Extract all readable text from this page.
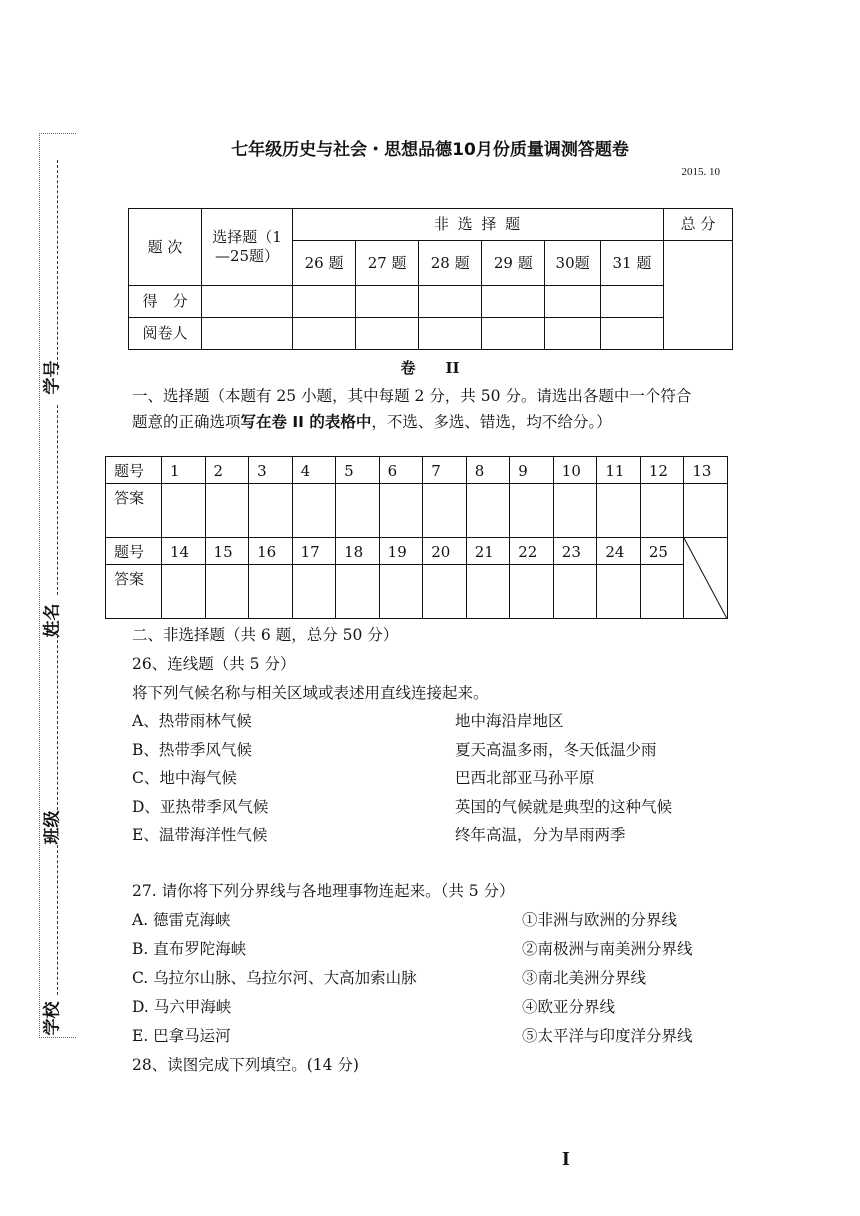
学号
姓名
班级
学校
七年级历史与社会・思想品德10月份质量调测答题卷
2015. 10
题 次	选择题（1—25题）	非 选 择 题						总 分
		26 题	27 题	28 题	29 题	30题	31 题	
得　分								
阅卷人								
卷　　II
一、选择题（本题有 25 小题，其中每题 2 分，共 50 分。请选出各题中一个符合
题意的正确选项写在卷 II 的表格中，不选、多选、错选，均不给分。）
题号	1	2	3	4	5	6	7	8	9	10	11	12	13
答案													
题号	14	15	16	17	18	19	20	21	22	23	24	25	

答案													
二、非选择题（共 6 题，总分 50 分）
26、连线题（共 5 分）
将下列气候名称与相关区域或表述用直线连接起来。
A、热带雨林气候
B、热带季风气候
C、地中海气候
D、亚热带季风气候
E、温带海洋性气候
地中海沿岸地区
夏天高温多雨，冬天低温少雨
巴西北部亚马孙平原
英国的气候就是典型的这种气候
终年高温，分为旱雨两季
27. 请你将下列分界线与各地理事物连起来。（共 5 分）
A. 德雷克海峡
B. 直布罗陀海峡
C. 乌拉尔山脉、乌拉尔河、大高加索山脉
D. 马六甲海峡
E. 巴拿马运河
①非洲与欧洲的分界线
②南极洲与南美洲分界线
③南北美洲分界线
④欧亚分界线
⑤太平洋与印度洋分界线
28、读图完成下列填空。(14 分)
I
